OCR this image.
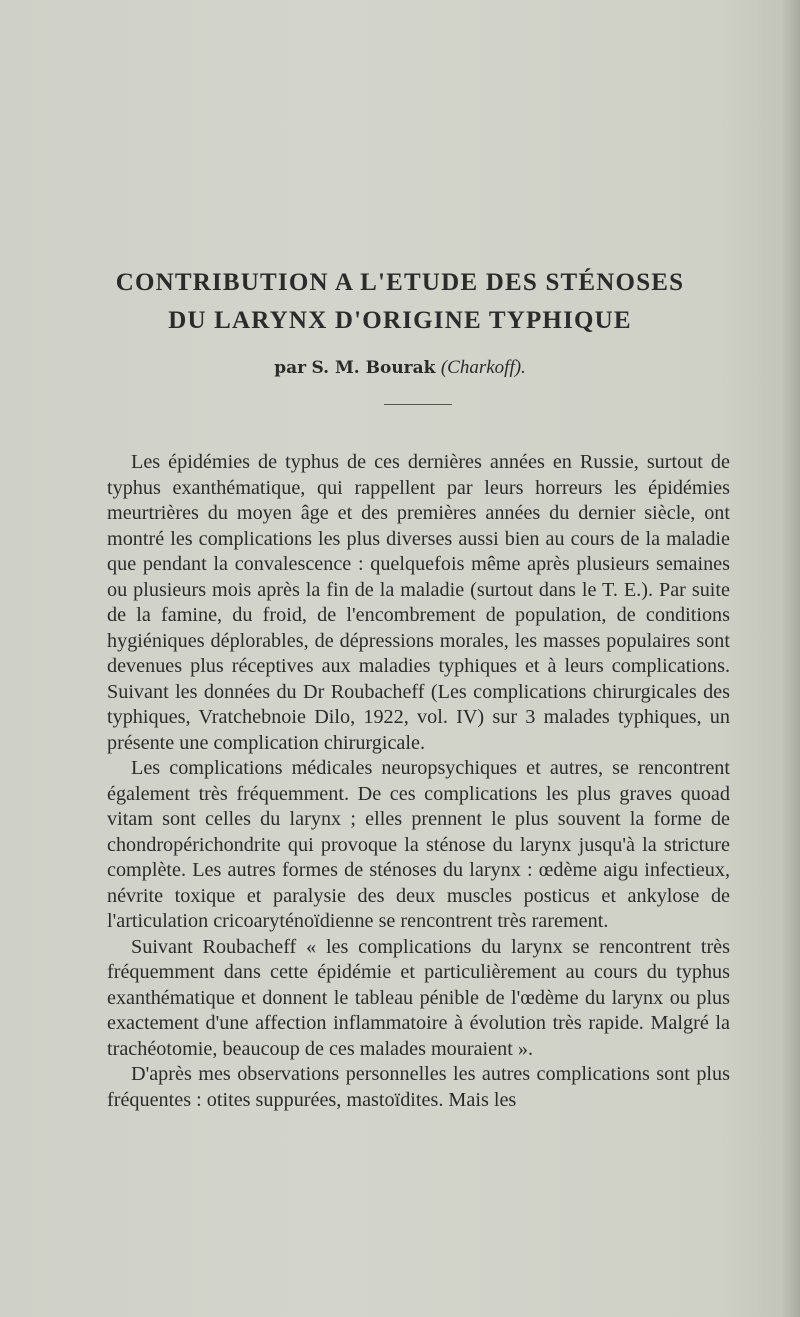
CONTRIBUTION A L'ETUDE DES STÉNOSES
DU LARYNX D'ORIGINE TYPHIQUE
par S. M. Bourak (Charkoff).

Les épidémies de typhus de ces dernières années en Russie, surtout de typhus exanthématique, qui rappellent par leurs horreurs les épidémies meurtrières du moyen âge et des premières années du dernier siècle, ont montré les complications les plus diverses aussi bien au cours de la maladie que pendant la convalescence : quelquefois même après plusieurs semaines ou plusieurs mois après la fin de la maladie (surtout dans le T. E.). Par suite de la famine, du froid, de l'encombrement de population, de conditions hygiéniques déplorables, de dépressions morales, les masses populaires sont devenues plus réceptives aux maladies typhiques et à leurs complications. Suivant les données du Dr Roubacheff (Les complications chirurgicales des typhiques, Vratchebnoie Dilo, 1922, vol. IV) sur 3 malades typhiques, un présente une complication chirurgicale.

Les complications médicales neuropsychiques et autres, se rencontrent également très fréquemment. De ces complications les plus graves quoad vitam sont celles du larynx ; elles prennent le plus souvent la forme de chondropérichondrite qui provoque la sténose du larynx jusqu'à la stricture complète. Les autres formes de sténoses du larynx : œdème aigu infectieux, névrite toxique et paralysie des deux muscles posticus et ankylose de l'articulation cricoaryténoïdienne se rencontrent très rarement.

Suivant Roubacheff « les complications du larynx se rencontrent très fréquemment dans cette épidémie et particulièrement au cours du typhus exanthématique et donnent le tableau pénible de l'œdème du larynx ou plus exactement d'une affection inflammatoire à évolution très rapide. Malgré la trachéotomie, beaucoup de ces malades mouraient ».

D'après mes observations personnelles les autres complications sont plus fréquentes : otites suppurées, mastoïdites. Mais les
